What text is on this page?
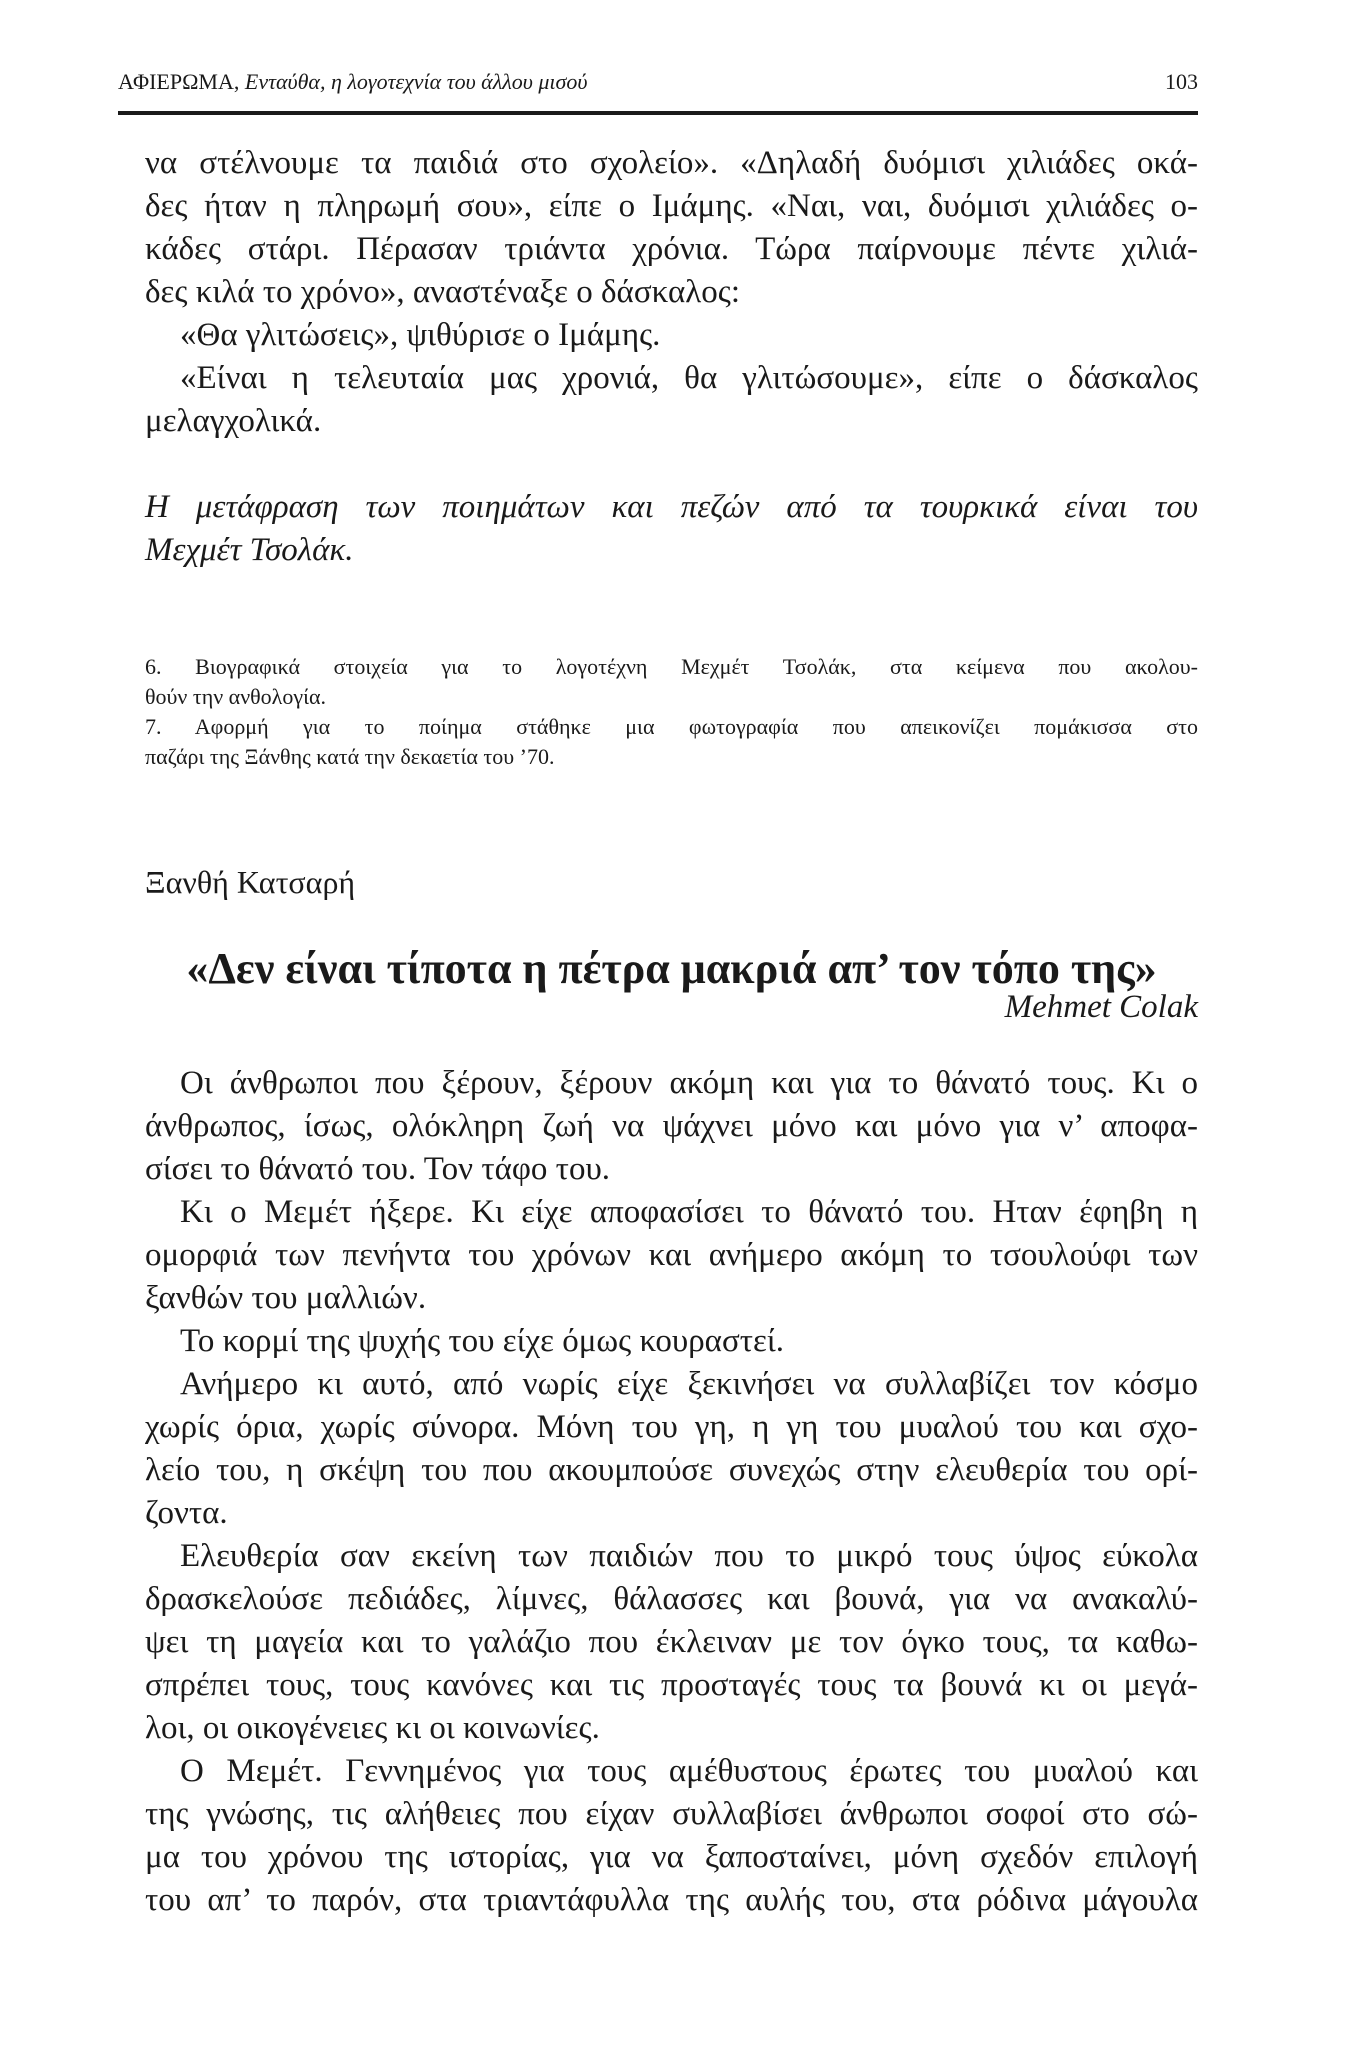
ΑΦΙΕΡΩΜΑ, Ενταύθα, η λογοτεχνία του άλλου μισού	103
να στέλνουμε τα παιδιά στο σχολείο». «Δηλαδή δυόμισι χιλιάδες οκά-
δες ήταν η πληρωμή σου», είπε ο Ιμάμης. «Ναι, ναι, δυόμισι χιλιάδες ο-
κάδες στάρι. Πέρασαν τριάντα χρόνια. Τώρα παίρνουμε πέντε χιλιά-
δες κιλά το χρόνο», αναστέναξε ο δάσκαλος:
«Θα γλιτώσεις», ψιθύρισε ο Ιμάμης.
«Είναι η τελευταία μας χρονιά, θα γλιτώσουμε», είπε ο δάσκαλος
μελαγχολικά.
Η μετάφραση των ποιημάτων και πεζών από τα τουρκικά είναι του
Μεχμέτ Τσολάκ.
6. Βιογραφικά στοιχεία για το λογοτέχνη Μεχμέτ Τσολάκ, στα κείμενα που ακολου-
θούν την ανθολογία.
7. Αφορμή για το ποίημα στάθηκε μια φωτογραφία που απεικονίζει πομάκισσα στο
παζάρι της Ξάνθης κατά την δεκαετία του ’70.
Ξανθή Κατσαρή
«Δεν είναι τίποτα η πέτρα μακριά απ’ τον τόπο της»
Mehmet Colak
Οι άνθρωποι που ξέρουν, ξέρουν ακόμη και για το θάνατό τους. Κι ο
άνθρωπος, ίσως, ολόκληρη ζωή να ψάχνει μόνο και μόνο για ν’ αποφα-
σίσει το θάνατό του. Τον τάφο του.
Κι ο Μεμέτ ήξερε. Κι είχε αποφασίσει το θάνατό του. Ηταν έφηβη η
ομορφιά των πενήντα του χρόνων και ανήμερο ακόμη το τσουλούφι των
ξανθών του μαλλιών.
Το κορμί της ψυχής του είχε όμως κουραστεί.
Ανήμερο κι αυτό, από νωρίς είχε ξεκινήσει να συλλαβίζει τον κόσμο
χωρίς όρια, χωρίς σύνορα. Μόνη του γη, η γη του μυαλού του και σχο-
λείο του, η σκέψη του που ακουμπούσε συνεχώς στην ελευθερία του ορί-
ζοντα.
Ελευθερία σαν εκείνη των παιδιών που το μικρό τους ύψος εύκολα
δρασκελούσε πεδιάδες, λίμνες, θάλασσες και βουνά, για να ανακαλύ-
ψει τη μαγεία και το γαλάζιο που έκλειναν με τον όγκο τους, τα καθω-
σπρέπει τους, τους κανόνες και τις προσταγές τους τα βουνά κι οι μεγά-
λοι, οι οικογένειες κι οι κοινωνίες.
Ο Μεμέτ. Γεννημένος για τους αμέθυστους έρωτες του μυαλού και
της γνώσης, τις αλήθειες που είχαν συλλαβίσει άνθρωποι σοφοί στο σώ-
μα του χρόνου της ιστορίας, για να ξαποσταίνει, μόνη σχεδόν επιλογή
του απ’ το παρόν, στα τριαντάφυλλα της αυλής του, στα ρόδινα μάγουλα
